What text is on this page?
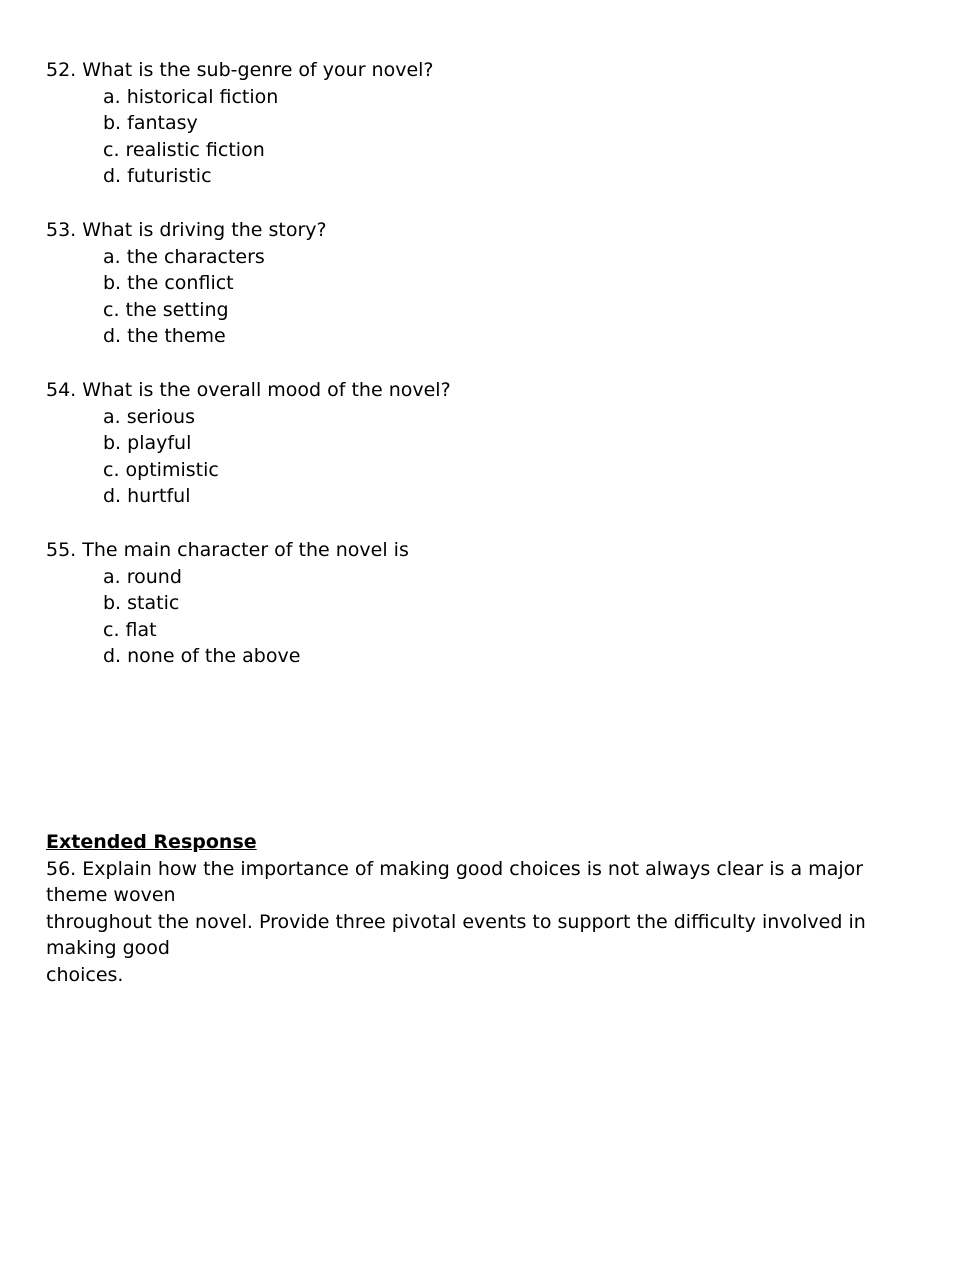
52. What is the sub-genre of your novel?

a. historical fiction
b. fantasy
c. realistic fiction
d. futuristic

53. What is driving the story?

a. the characters
b. the conflict
c. the setting
d. the theme

54. What is the overall mood of the novel?

a. serious
b. playful
c. optimistic
d. hurtful

55. The main character of the novel is

a. round
b. static
c. flat
d. none of the above

Extended Response

56. Explain how the importance of making good choices is not always clear is a major theme woven
throughout the novel. Provide three pivotal events to support the difficulty involved in making good
choices.
